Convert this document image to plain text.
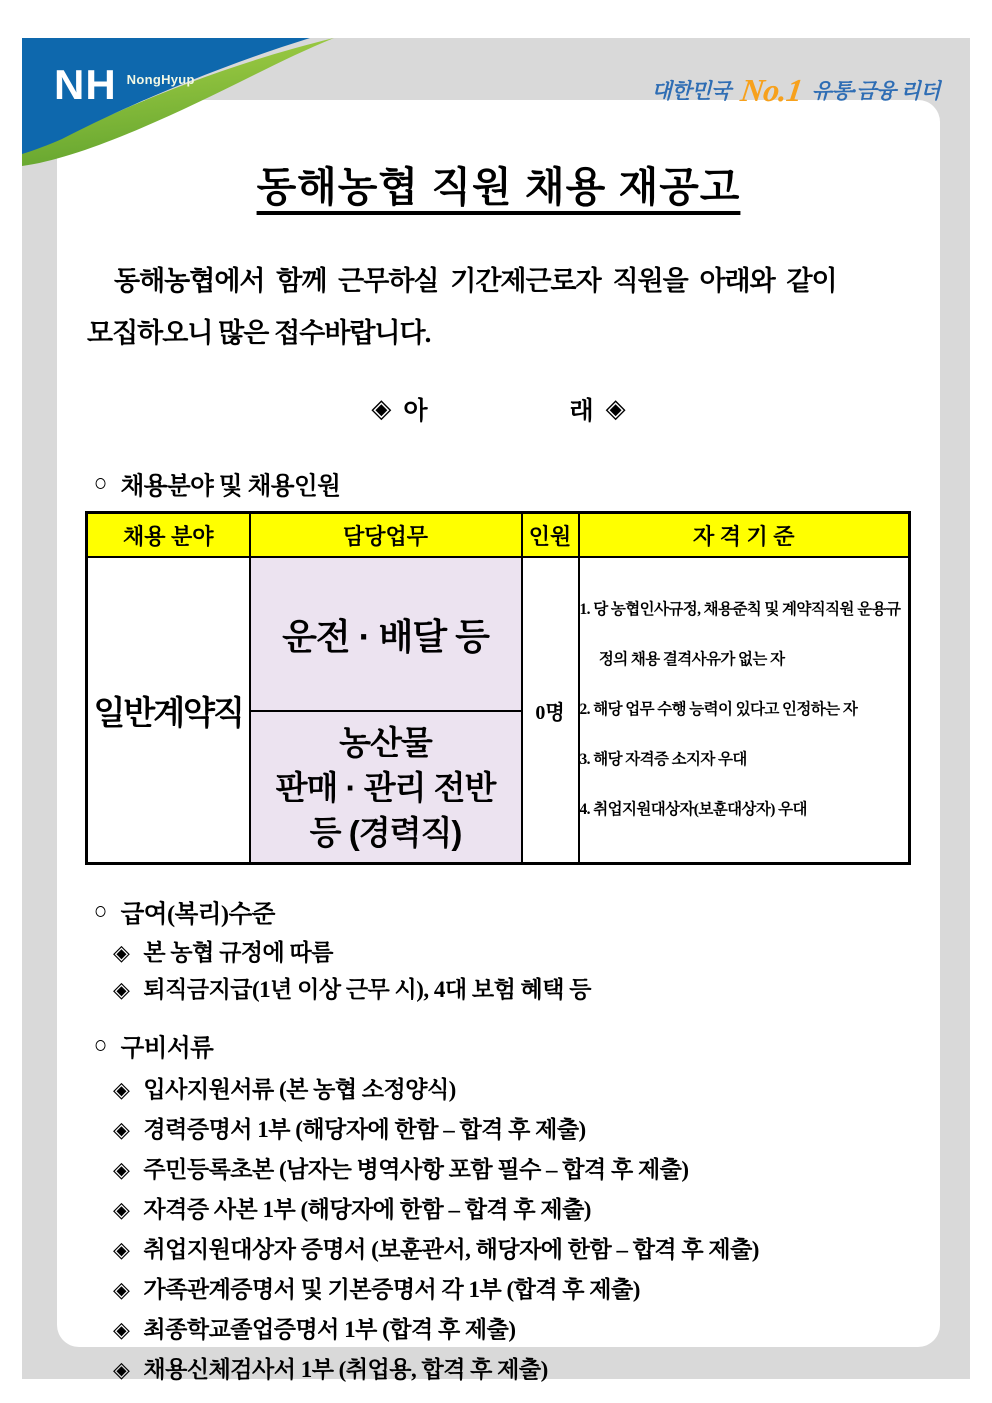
동해농협 직원 채용 재공고
동해농협에서 함께 근무하실 기간제근로자 직원을 아래와 같이
모집하오니 많은 접수바랍니다.
◈ 아	래 ◈
○ 채용분야 및 채용인원
채용 분야	담당업무	인원	자 격 기 준
일반계약직	운전 · 배달 등	0명	1. 당 농협인사규정, 채용준칙 및 계약직직원 운용규정의 채용 결격사유가 없는 자
2. 해당 업무 수행 능력이 있다고 인정하는 자
3. 해당 자격증 소지자 우대
4. 취업지원대상자(보훈대상자) 우대

	농산물
판매 · 관리 전반
등 (경력직)		
○ 급여(복리)수준
◈ 본 농협 규정에 따름
◈ 퇴직금지급(1년 이상 근무 시), 4대 보험 혜택 등
○ 구비서류
◈ 입사지원서류 (본 농협 소정양식)
◈ 경력증명서 1부 (해당자에 한함 – 합격 후 제출)
◈ 주민등록초본 (남자는 병역사항 포함 필수 – 합격 후 제출)
◈ 자격증 사본 1부 (해당자에 한함 – 합격 후 제출)
◈ 취업지원대상자 증명서 (보훈관서, 해당자에 한함 – 합격 후 제출)
◈ 가족관계증명서 및 기본증명서 각 1부 (합격 후 제출)
◈ 최종학교졸업증명서 1부 (합격 후 제출)
◈ 채용신체검사서 1부 (취업용, 합격 후 제출)
NH NongHyup	대한민국 No.1 유통·금융 리더
